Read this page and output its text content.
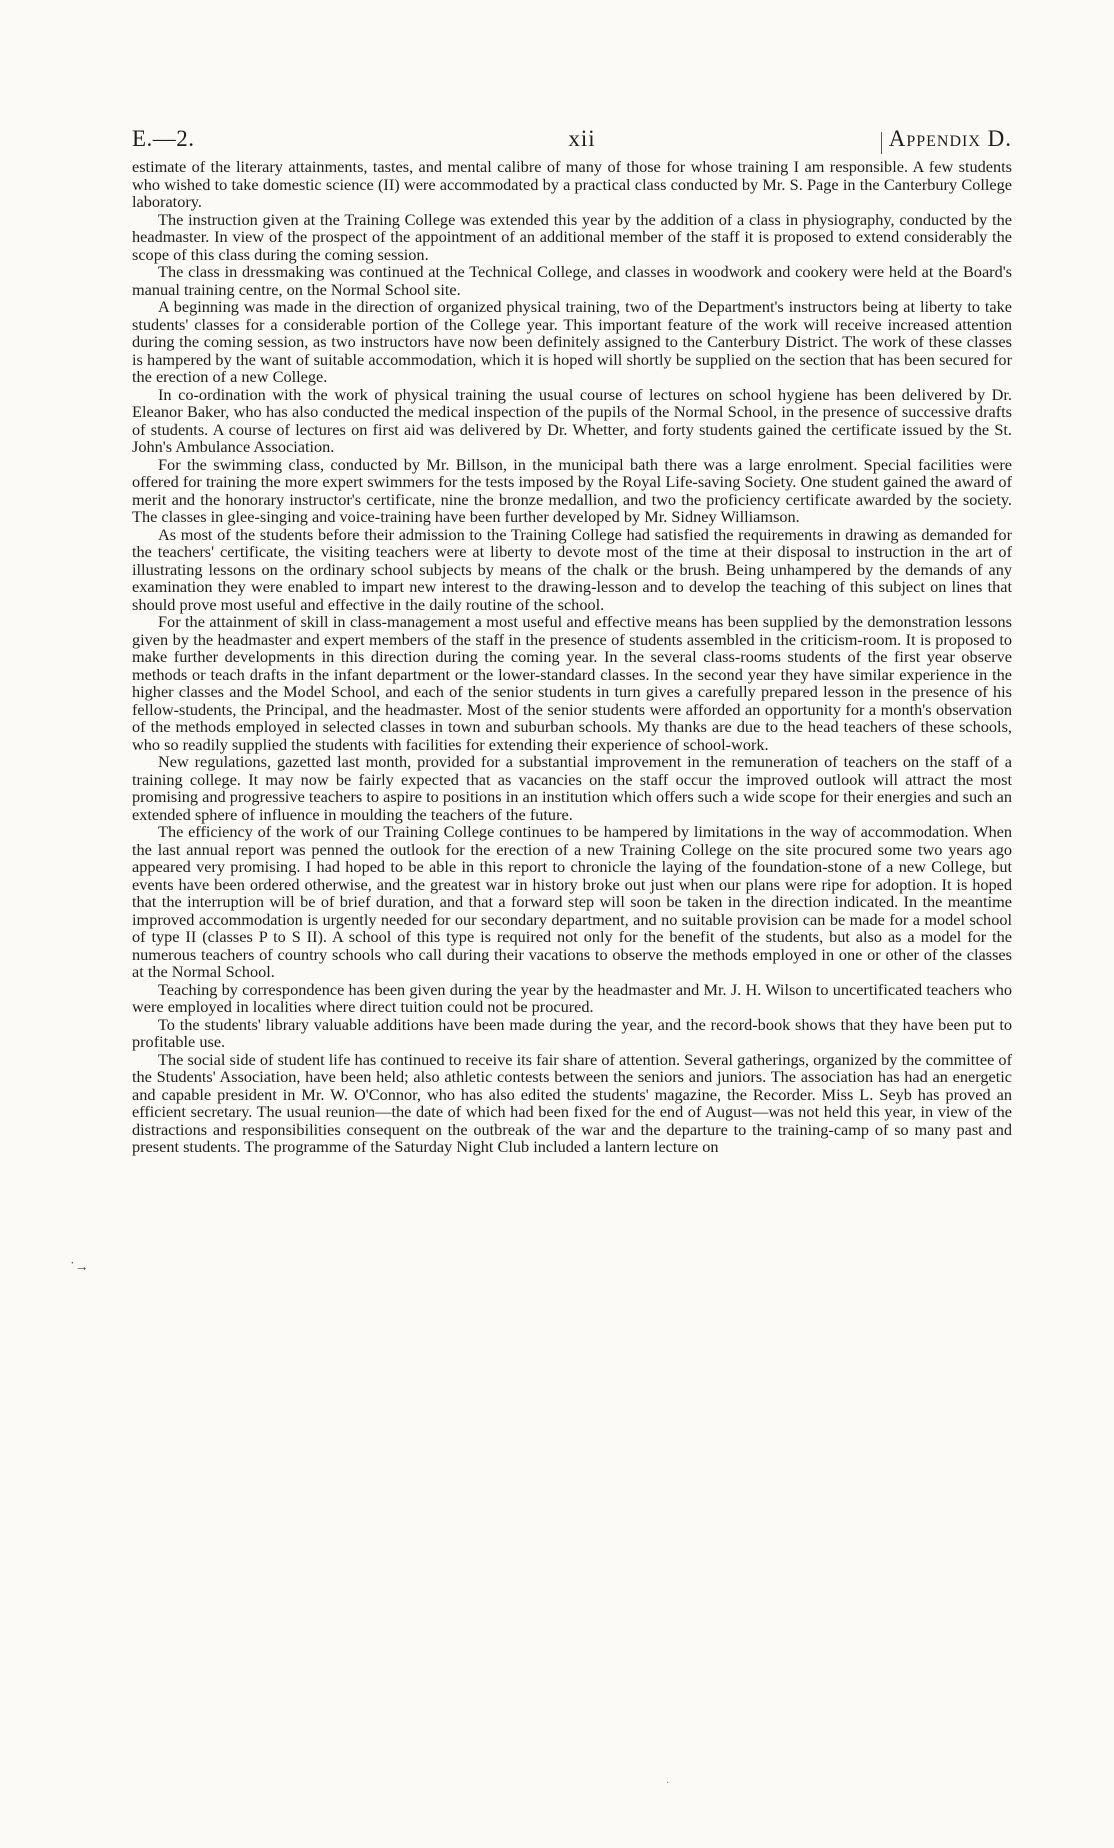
E.—2.	xii	Appendix D.

estimate of the literary attainments, tastes, and mental calibre of many of those for whose training I am responsible. A few students who wished to take domestic science (II) were accommodated by a practical class conducted by Mr. S. Page in the Canterbury College laboratory.

The instruction given at the Training College was extended this year by the addition of a class in physiography, conducted by the headmaster. In view of the prospect of the appointment of an additional member of the staff it is proposed to extend considerably the scope of this class during the coming session.

The class in dressmaking was continued at the Technical College, and classes in woodwork and cookery were held at the Board's manual training centre, on the Normal School site.

A beginning was made in the direction of organized physical training, two of the Department's instructors being at liberty to take students' classes for a considerable portion of the College year. This important feature of the work will receive increased attention during the coming session, as two instructors have now been definitely assigned to the Canterbury District. The work of these classes is hampered by the want of suitable accommodation, which it is hoped will shortly be supplied on the section that has been secured for the erection of a new College.

In co-ordination with the work of physical training the usual course of lectures on school hygiene has been delivered by Dr. Eleanor Baker, who has also conducted the medical inspection of the pupils of the Normal School, in the presence of successive drafts of students. A course of lectures on first aid was delivered by Dr. Whetter, and forty students gained the certificate issued by the St. John's Ambulance Association.

For the swimming class, conducted by Mr. Billson, in the municipal bath there was a large enrolment. Special facilities were offered for training the more expert swimmers for the tests imposed by the Royal Life-saving Society. One student gained the award of merit and the honorary instructor's certificate, nine the bronze medallion, and two the proficiency certificate awarded by the society. The classes in glee-singing and voice-training have been further developed by Mr. Sidney Williamson.

As most of the students before their admission to the Training College had satisfied the requirements in drawing as demanded for the teachers' certificate, the visiting teachers were at liberty to devote most of the time at their disposal to instruction in the art of illustrating lessons on the ordinary school subjects by means of the chalk or the brush. Being unhampered by the demands of any examination they were enabled to impart new interest to the drawing-lesson and to develop the teaching of this subject on lines that should prove most useful and effective in the daily routine of the school.

For the attainment of skill in class-management a most useful and effective means has been supplied by the demonstration lessons given by the headmaster and expert members of the staff in the presence of students assembled in the criticism-room. It is proposed to make further developments in this direction during the coming year. In the several class-rooms students of the first year observe methods or teach drafts in the infant department or the lower-standard classes. In the second year they have similar experience in the higher classes and the Model School, and each of the senior students in turn gives a carefully prepared lesson in the presence of his fellow-students, the Principal, and the headmaster. Most of the senior students were afforded an opportunity for a month's observation of the methods employed in selected classes in town and suburban schools. My thanks are due to the head teachers of these schools, who so readily supplied the students with facilities for extending their experience of school-work.

New regulations, gazetted last month, provided for a substantial improvement in the remuneration of teachers on the staff of a training college. It may now be fairly expected that as vacancies on the staff occur the improved outlook will attract the most promising and progressive teachers to aspire to positions in an institution which offers such a wide scope for their energies and such an extended sphere of influence in moulding the teachers of the future.

The efficiency of the work of our Training College continues to be hampered by limitations in the way of accommodation. When the last annual report was penned the outlook for the erection of a new Training College on the site procured some two years ago appeared very promising. I had hoped to be able in this report to chronicle the laying of the foundation-stone of a new College, but events have been ordered otherwise, and the greatest war in history broke out just when our plans were ripe for adoption. It is hoped that the interruption will be of brief duration, and that a forward step will soon be taken in the direction indicated. In the meantime improved accommodation is urgently needed for our secondary department, and no suitable provision can be made for a model school of type II (classes P to S II). A school of this type is required not only for the benefit of the students, but also as a model for the numerous teachers of country schools who call during their vacations to observe the methods employed in one or other of the classes at the Normal School.

Teaching by correspondence has been given during the year by the headmaster and Mr. J. H. Wilson to uncertificated teachers who were employed in localities where direct tuition could not be procured.

To the students' library valuable additions have been made during the year, and the record-book shows that they have been put to profitable use.

The social side of student life has continued to receive its fair share of attention. Several gatherings, organized by the committee of the Students' Association, have been held; also athletic contests between the seniors and juniors. The association has had an energetic and capable president in Mr. W. O'Connor, who has also edited the students' magazine, the Recorder. Miss L. Seyb has proved an efficient secretary. The usual reunion—the date of which had been fixed for the end of August—was not held this year, in view of the distractions and responsibilities consequent on the outbreak of the war and the departure to the training-camp of so many past and present students. The programme of the Saturday Night Club included a lantern lecture on

˙→
·
